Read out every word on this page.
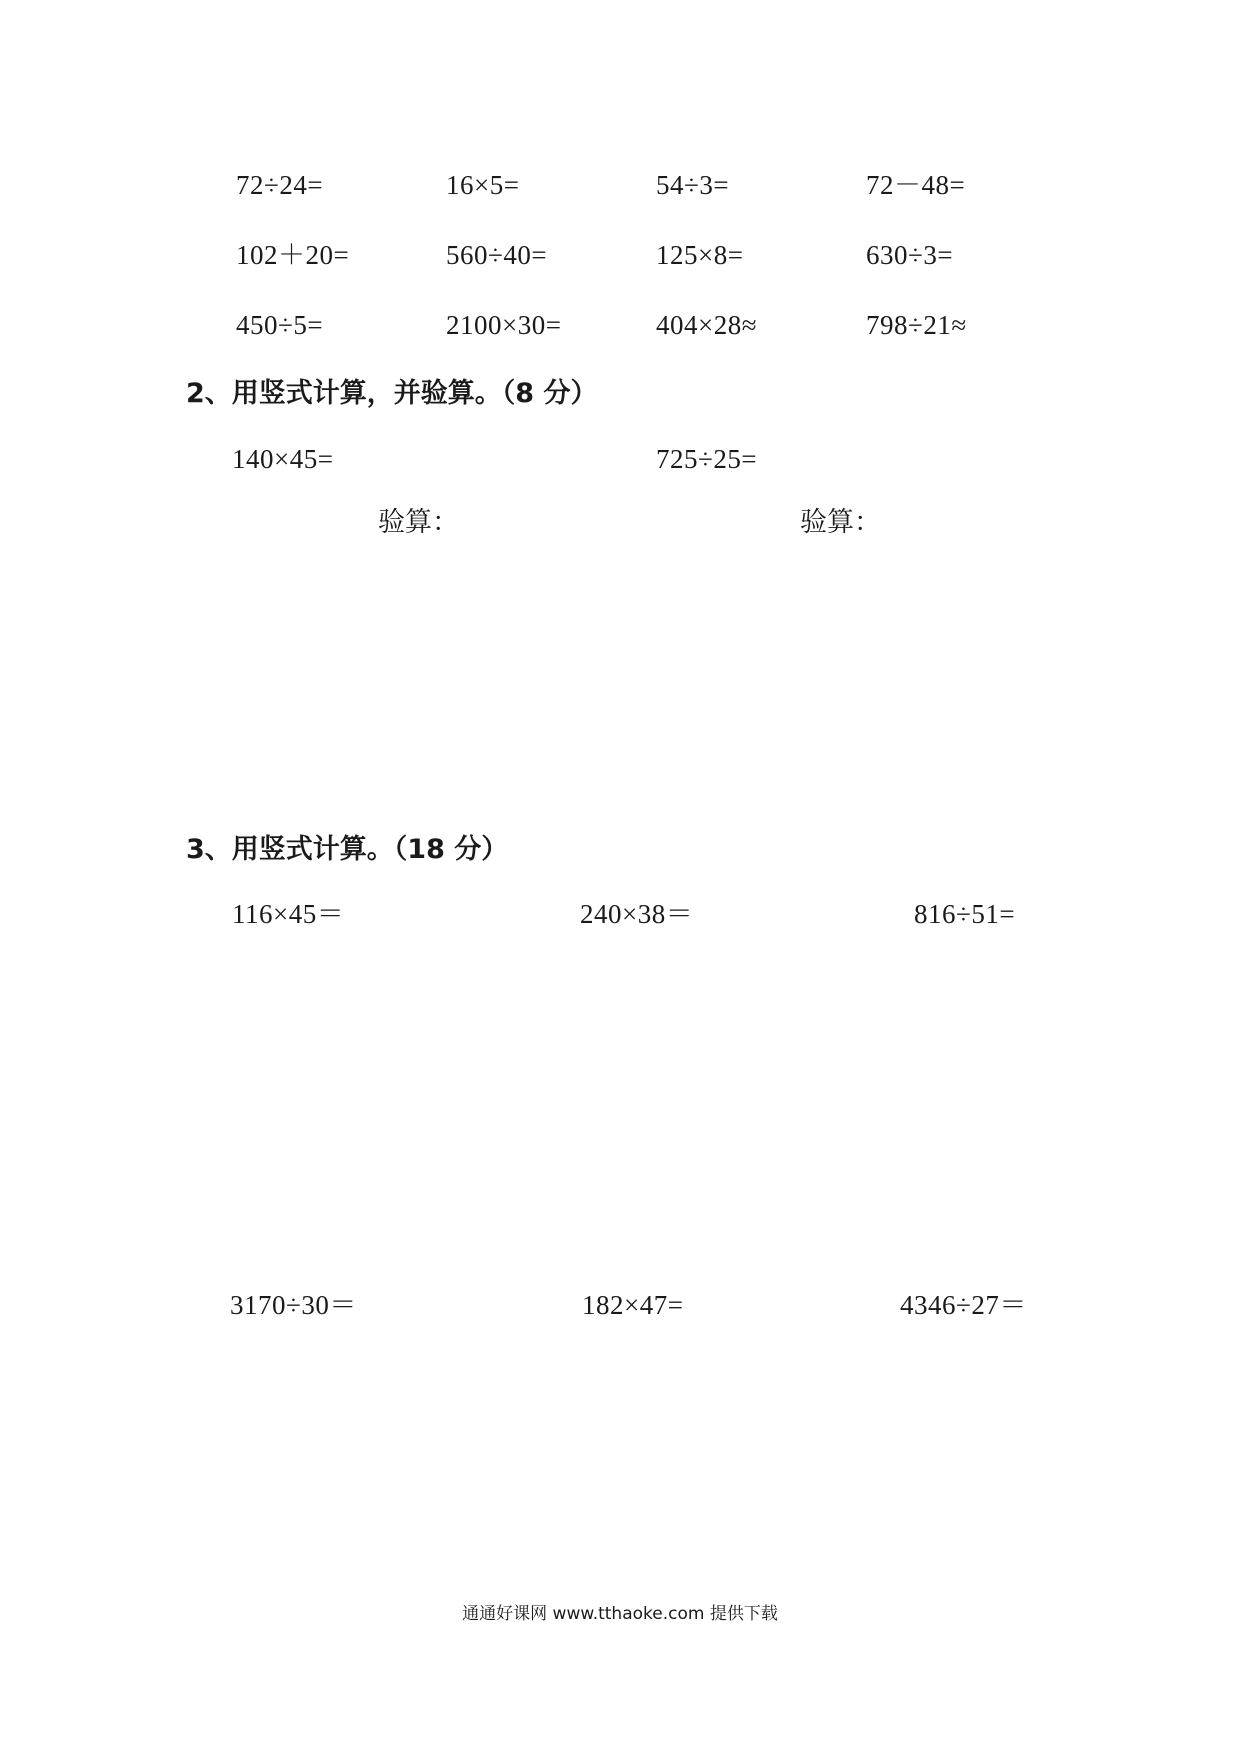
72÷24=	16×5=	54÷3=	72－48=
102＋20=	560÷40=	125×8=	630÷3=
450÷5=	2100×30=	404×28≈	798÷21≈
2、用竖式计算，并验算。（8 分）
140×45=	725÷25=
验算：	验算：
3、用竖式计算。（18 分）
116×45＝	240×38＝	816÷51=
3170÷30＝	182×47=	4346÷27＝
通通好课网 www.tthaoke.com 提供下载
